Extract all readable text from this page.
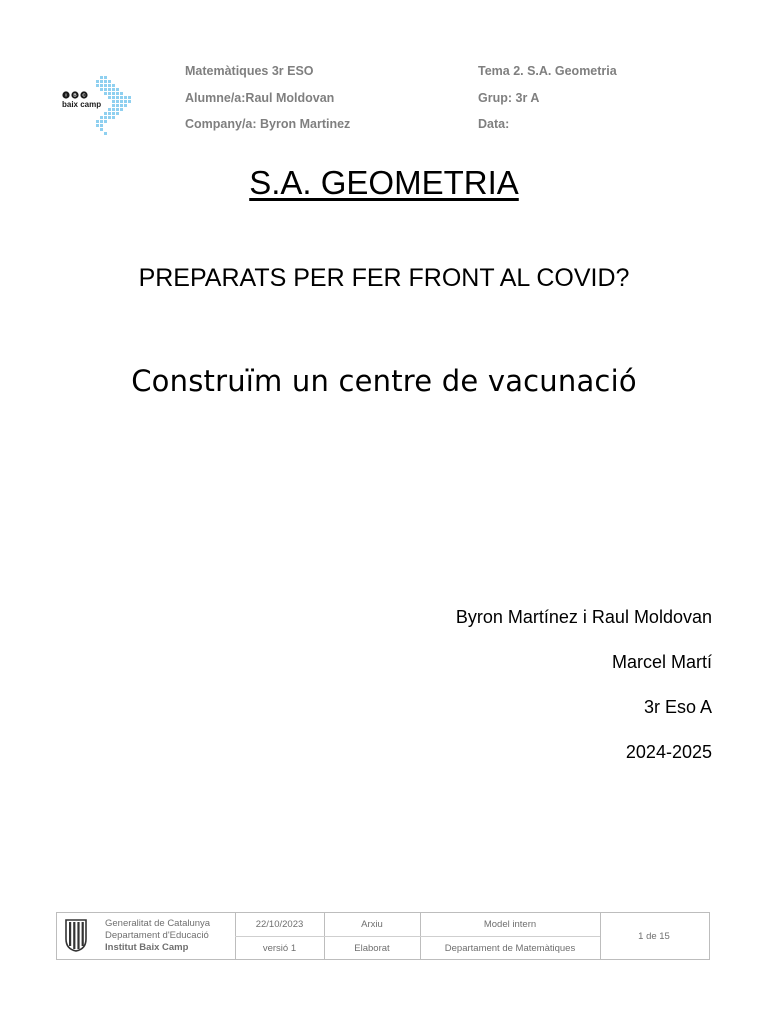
i B C
baix camp
Matemàtiques 3r ESO
Alumne/a:Raul Moldovan
Company/a: Byron Martinez
Tema 2. S.A. Geometria
Grup: 3r A
Data:
S.A. GEOMETRIA
PREPARATS PER FER FRONT AL COVID?
Construïm un centre de vacunació
Byron Martínez i Raul Moldovan
Marcel Martí
3r Eso A
2024-2025
Generalitat de Catalunya
Departament d'Educació
Institut Baix Camp
22/10/2023
versió 1
Arxiu
Elaborat
Model intern
Departament de Matemàtiques
1 de 15
